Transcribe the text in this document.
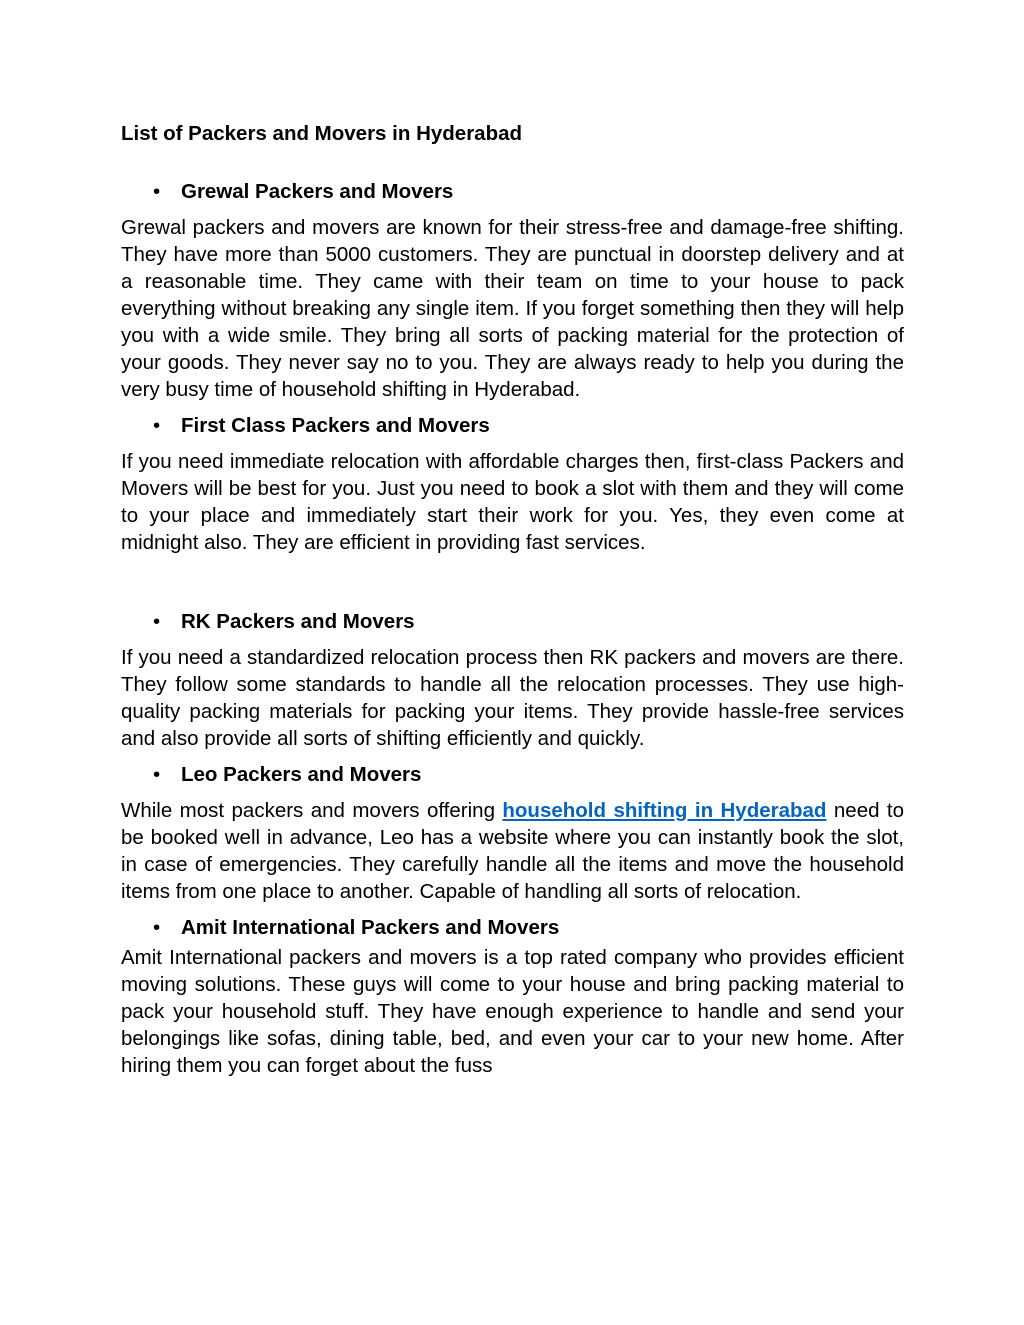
List of Packers and Movers in Hyderabad
• Grewal Packers and Movers
Grewal packers and movers are known for their stress-free and damage-free shifting. They have more than 5000 customers. They are punctual in doorstep delivery and at a reasonable time. They came with their team on time to your house to pack everything without breaking any single item. If you forget something then they will help you with a wide smile. They bring all sorts of packing material for the protection of your goods. They never say no to you. They are always ready to help you during the very busy time of household shifting in Hyderabad.
• First Class Packers and Movers
If you need immediate relocation with affordable charges then, first-class Packers and Movers will be best for you. Just you need to book a slot with them and they will come to your place and immediately start their work for you. Yes, they even come at midnight also. They are efficient in providing fast services.
• RK Packers and Movers
If you need a standardized relocation process then RK packers and movers are there. They follow some standards to handle all the relocation processes. They use high-quality packing materials for packing your items. They provide hassle-free services and also provide all sorts of shifting efficiently and quickly.
• Leo Packers and Movers
While most packers and movers offering household shifting in Hyderabad need to be booked well in advance, Leo has a website where you can instantly book the slot, in case of emergencies. They carefully handle all the items and move the household items from one place to another. Capable of handling all sorts of relocation.
• Amit International Packers and Movers
Amit International packers and movers is a top rated company who provides efficient moving solutions. These guys will come to your house and bring packing material to pack your household stuff. They have enough experience to handle and send your belongings like sofas, dining table, bed, and even your car to your new home. After hiring them you can forget about the fuss
